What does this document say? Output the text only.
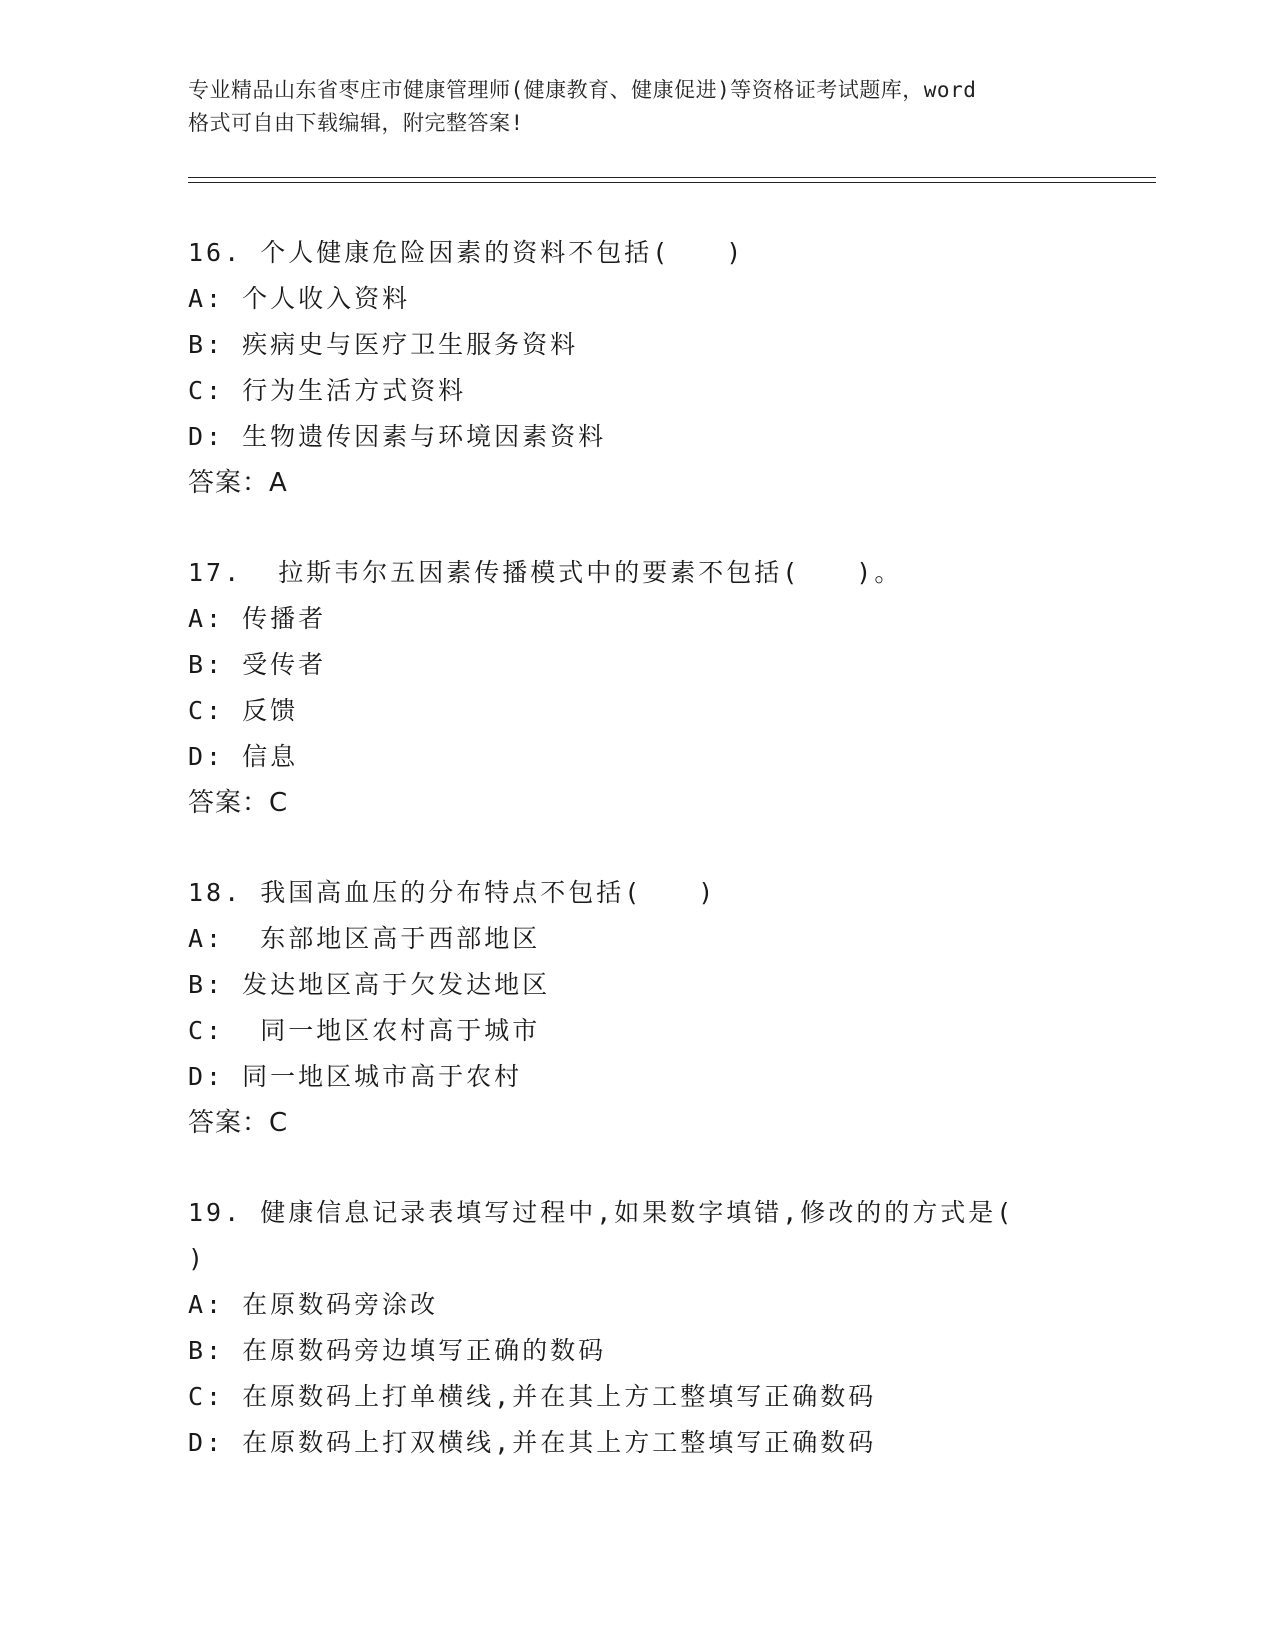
专业精品山东省枣庄市健康管理师(健康教育、健康促进)等资格证考试题库，word
格式可自由下载编辑，附完整答案!
16. 个人健康危险因素的资料不包括(　　)
A: 个人收入资料
B: 疾病史与医疗卫生服务资料
C: 行为生活方式资料
D: 生物遗传因素与环境因素资料
答案：A
17.  拉斯韦尔五因素传播模式中的要素不包括(　　)。
A: 传播者
B: 受传者
C: 反馈
D: 信息
答案：C
18. 我国高血压的分布特点不包括(　　)
A:  东部地区高于西部地区
B: 发达地区高于欠发达地区
C:  同一地区农村高于城市
D: 同一地区城市高于农村
答案：C
19. 健康信息记录表填写过程中,如果数字填错,修改的的方式是(
)
A: 在原数码旁涂改
B: 在原数码旁边填写正确的数码
C: 在原数码上打单横线,并在其上方工整填写正确数码
D: 在原数码上打双横线,并在其上方工整填写正确数码
